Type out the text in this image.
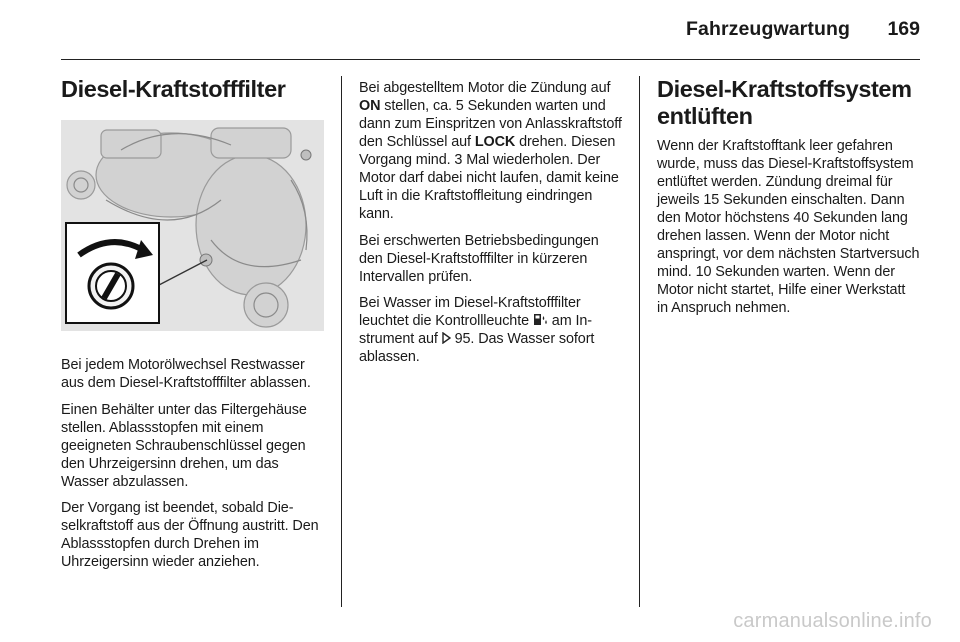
Fahrzeugwartung	169
Diesel-Kraftstofffilter

Bei jedem Motorölwechsel Restwasser aus dem Diesel-Kraftstofffilter ablassen.

Einen Behälter unter das Filtergehäuse stellen. Ablassstopfen mit einem geeigneten Schraubenschlüssel gegen den Uhrzeigersinn drehen, um das Wasser abzulassen.

Der Vorgang ist beendet, sobald Dieselkraftstoff aus der Öffnung austritt. Den Ablassstopfen durch Drehen im Uhrzeigersinn wieder anziehen.

Bei abgestelltem Motor die Zündung auf ON stellen, ca. 5 Sekunden warten und dann zum Einspritzen von Anlasskraftstoff den Schlüssel auf LOCK drehen. Diesen Vorgang mind. 3 Mal wiederholen. Der Motor darf dabei nicht laufen, damit keine Luft in die Kraftstoffleitung eindringen kann.

Bei erschwerten Betriebsbedingungen den Diesel-Kraftstofffilter in kürzeren Intervallen prüfen.

Bei Wasser im Diesel-Kraftstofffilter leuchtet die Kontrollleuchte  am Instrument auf  95. Das Wasser sofort ablassen.

Diesel-Kraftstoffsystem entlüften

Wenn der Kraftstofftank leer gefahren wurde, muss das Diesel-Kraftstoffsystem entlüftet werden. Zündung dreimal für jeweils 15 Sekunden einschalten. Dann den Motor höchstens 40 Sekunden lang drehen lassen. Wenn der Motor nicht anspringt, vor dem nächsten Startversuch mind. 10 Sekunden warten. Wenn der Motor nicht startet, Hilfe einer Werkstatt in Anspruch nehmen.

carmanualsonline.info
